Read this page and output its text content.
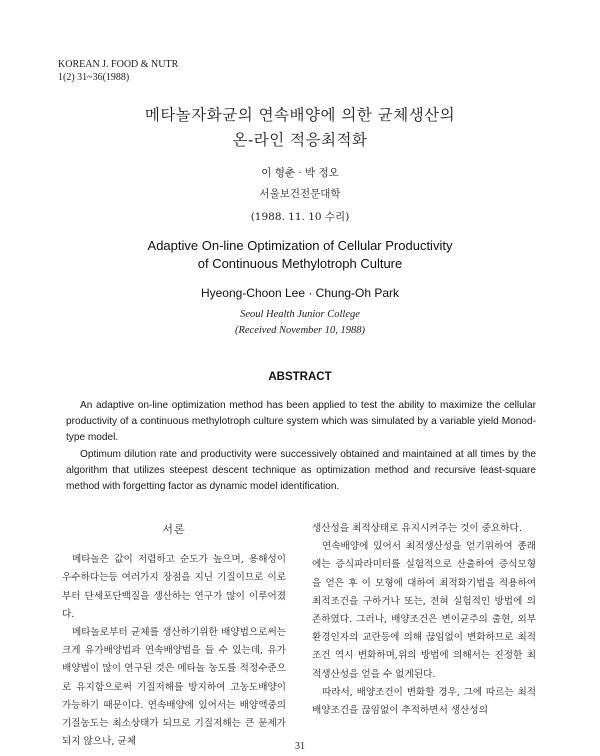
KOREAN J. FOOD & NUTR
1(2) 31~36(1988)
메타놀자화균의 연속배양에 의한 균체생산의
온-라인 적응최적화
이 형춘 · 박 정오
서울보건전문대학
(1988. 11. 10 수리)
Adaptive On-line Optimization of Cellular Productivity
of Continuous Methylotroph Culture
Hyeong-Choon Lee · Chung-Oh Park
Seoul Health Junior College
(Received November 10, 1988)
ABSTRACT

An adaptive on-line optimization method has been applied to test the ability to maximize the cellular productivity of a continuous methylotroph culture system which was simulated by a variable yield Monod-type model.

Optimum dilution rate and productivity were successively obtained and maintained at all times by the algorithm that utilizes steepest descent technique as optimization method and recursive least-square method with forgetting factor as dynamic model identification.

서론

메타놀은 값이 저렴하고 순도가 높으며, 용해성이 우수하다는등 여러가지 장점을 지닌 기질이므로 이로부터 단세포단백질을 생산하는 연구가 많이 이루어졌다.

메타놀로부터 균체를 생산하기위한 배양법으로써는 크게 유가배양법과 연속배양법을 들 수 있는데, 유가배양법이 많이 연구된 것은 메타놀 농도를 적정수준으로 유지함으로써 기질저해를 방지하여 고농도배양이 가능하기 때문이다. 연속배양에 있어서는 배양액중의 기질농도는 최소상태가 되므로 기질저해는 큰 문제가 되지 않으나, 균체

생산성을 최적상태로 유지시켜주는 것이 중요하다.

연속배양에 있어서 최적생산성을 얻기위하여 종래에는 증식파라미터를 실험적으로 산출하여 증식모형을 얻은 후 이 모형에 대하여 최적화기법을 적용하여 최적조건을 구하거나 또는, 전혀 실험적인 방법에 의존하였다. 그러나, 배양조건은 변이균주의 출현, 외부환경인자의 교란등에 의해 끊임없이 변화하므로 최적조건 역시 변화하며,위의 방법에 의해서는 진정한 최적생산성을 얻을 수 없게된다.

따라서, 배양조건이 변화할 경우, 그에 따르는 최적배양조건을 끊임없이 추적하면서 생산성의

31
